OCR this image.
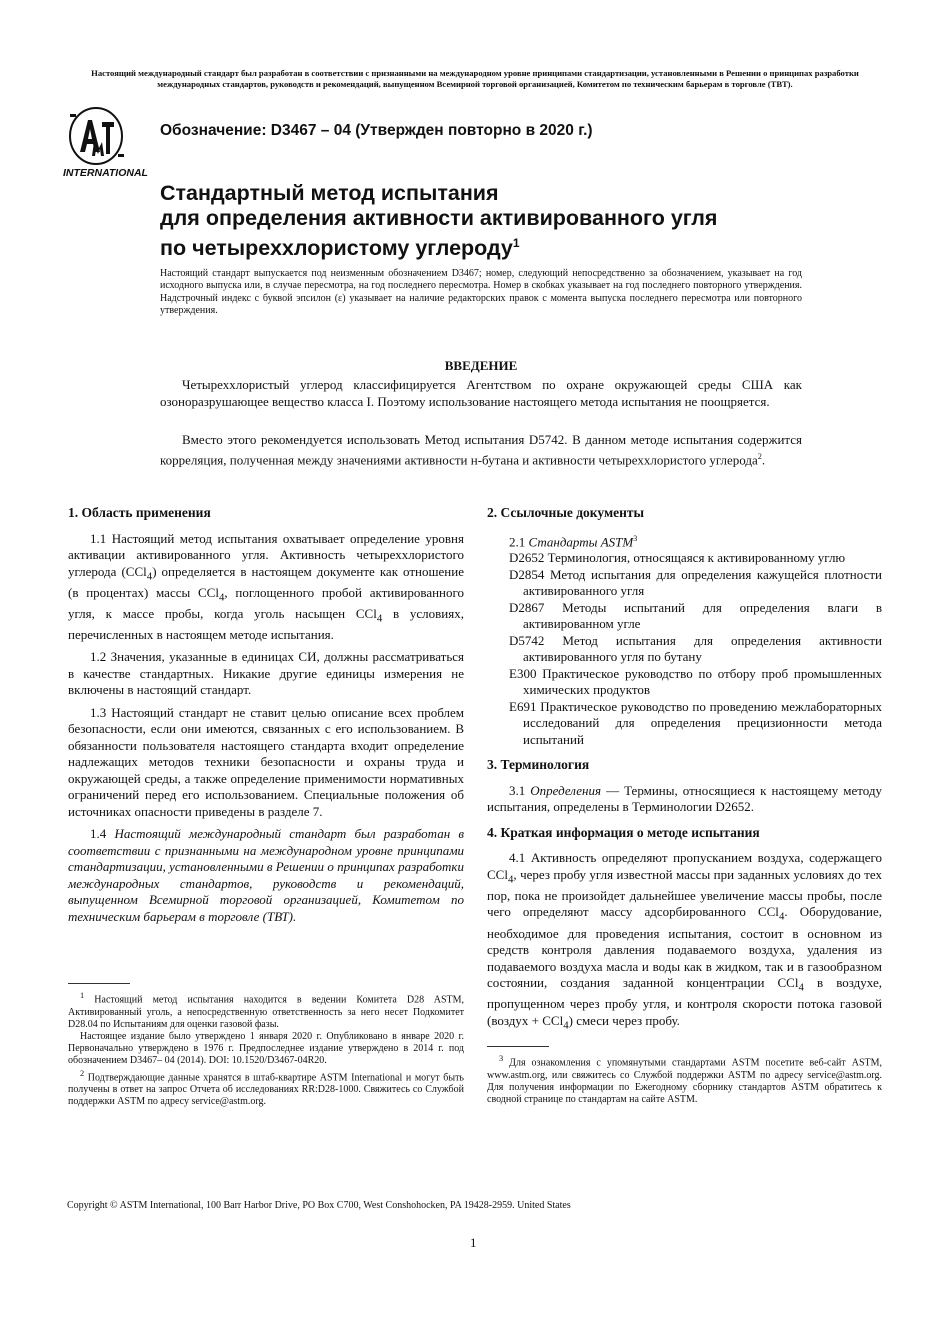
Настоящий международный стандарт был разработан в соответствии с признанными на международном уровне принципами стандартизации, установленными в Решении о принципах разработки международных стандартов, руководств и рекомендаций, выпущенном Всемирной торговой организацией, Комитетом по техническим барьерам в торговле (ТВТ).
INTERNATIONAL
Обозначение: D3467 – 04 (Утвержден повторно в 2020 г.)
Стандартный метод испытания
для определения активности активированного угля
по четыреххлористому углероду$^1$
Настоящий стандарт выпускается под неизменным обозначением D3467; номер, следующий непосредственно за обозначением, указывает на год исходного выпуска или, в случае пересмотра, на год последнего пересмотра. Номер в скобках указывает на год последнего повторного утверждения. Надстрочный индекс с буквой эпсилон (ε) указывает на наличие редакторских правок с момента выпуска последнего пересмотра или повторного утверждения.
ВВЕДЕНИЕ

Четыреххлористый углерод классифицируется Агентством по охране окружающей среды США как озоноразрушающее вещество класса I. Поэтому использование настоящего метода испытания не поощряется.

Вместо этого рекомендуется использовать Метод испытания D5742. В данном методе испытания содержится корреляция, полученная между значениями активности н-бутана и активности четыреххлористого углерода$^2$.

1. Область применения

1.1 Настоящий метод испытания охватывает определение уровня активации активированного угля. Активность четыреххлористого углерода (CCl$_4$) определяется в настоящем документе как отношение (в процентах) массы CCl$_4$, поглощенного пробой активированного угля, к массе пробы, когда уголь насыщен CCl$_4$ в условиях, перечисленных в настоящем методе испытания.

1.2 Значения, указанные в единицах СИ, должны рассматриваться в качестве стандартных. Никакие другие единицы измерения не включены в настоящий стандарт.

1.3 Настоящий стандарт не ставит целью описание всех проблем безопасности, если они имеются, связанных с его использованием. В обязанности пользователя настоящего стандарта входит определение надлежащих методов техники безопасности и охраны труда и окружающей среды, а также определение применимости нормативных ограничений перед его использованием. Специальные положения об источниках опасности приведены в разделе 7.

1.4 Настоящий международный стандарт был разработан в соответствии с признанными на международном уровне принципами стандартизации, установленными в Решении о принципах разработки международных стандартов, руководств и рекомендаций, выпущенном Всемирной торговой организацией, Комитетом по техническим барьерам в торговле (ТВТ).

$^1$ Настоящий метод испытания находится в ведении Комитета D28 ASTM, Активированный уголь, а непосредственную ответственность за него несет Подкомитет D28.04 по Испытаниям для оценки газовой фазы.

Настоящее издание было утверждено 1 января 2020 г. Опубликовано в январе 2020 г. Первоначально утверждено в 1976 г. Предпоследнее издание утверждено в 2014 г. под обозначением D3467– 04 (2014). DOI: 10.1520/D3467-04R20.

$^2$ Подтверждающие данные хранятся в штаб-квартире ASTM International и могут быть получены в ответ на запрос Отчета об исследованиях RR:D28-1000. Свяжитесь со Службой поддержки ASTM по адресу service@astm.org.

2. Ссылочные документы
2.1 Стандарты ASTM$^3$
D2652 Терминология, относящаяся к активированному углю
D2854 Метод испытания для определения кажущейся плотности активированного угля
D2867 Методы испытаний для определения влаги в активированном угле
D5742 Метод испытания для определения активности активированного угля по бутану
E300 Практическое руководство по отбору проб промышленных химических продуктов
E691 Практическое руководство по проведению межлабораторных исследований для определения прецизионности метода испытаний
3. Терминология

3.1 Определения — Термины, относящиеся к настоящему методу испытания, определены в Терминологии D2652.

4. Краткая информация о методе испытания

4.1 Активность определяют пропусканием воздуха, содержащего CCl$_4$, через пробу угля известной массы при заданных условиях до тех пор, пока не произойдет дальнейшее увеличение массы пробы, после чего определяют массу адсорбированного CCl$_4$. Оборудование, необходимое для проведения испытания, состоит в основном из средств контроля давления подаваемого воздуха, удаления из подаваемого воздуха масла и воды как в жидком, так и в газообразном состоянии, создания заданной концентрации CCl$_4$ в воздухе, пропущенном через пробу угля, и контроля скорости потока газовой (воздух + CCl$_4$) смеси через пробу.

$^3$ Для ознакомления с упомянутыми стандартами ASTM посетите веб-сайт ASTM, www.astm.org, или свяжитесь со Службой поддержки ASTM по адресу service@astm.org. Для получения информации по Ежегодному сборнику стандартов ASTM обратитесь к сводной странице по стандартам на сайте ASTM.

Copyright © ASTM International, 100 Barr Harbor Drive, PO Box C700, West Conshohocken, PA 19428-2959. United States
1
